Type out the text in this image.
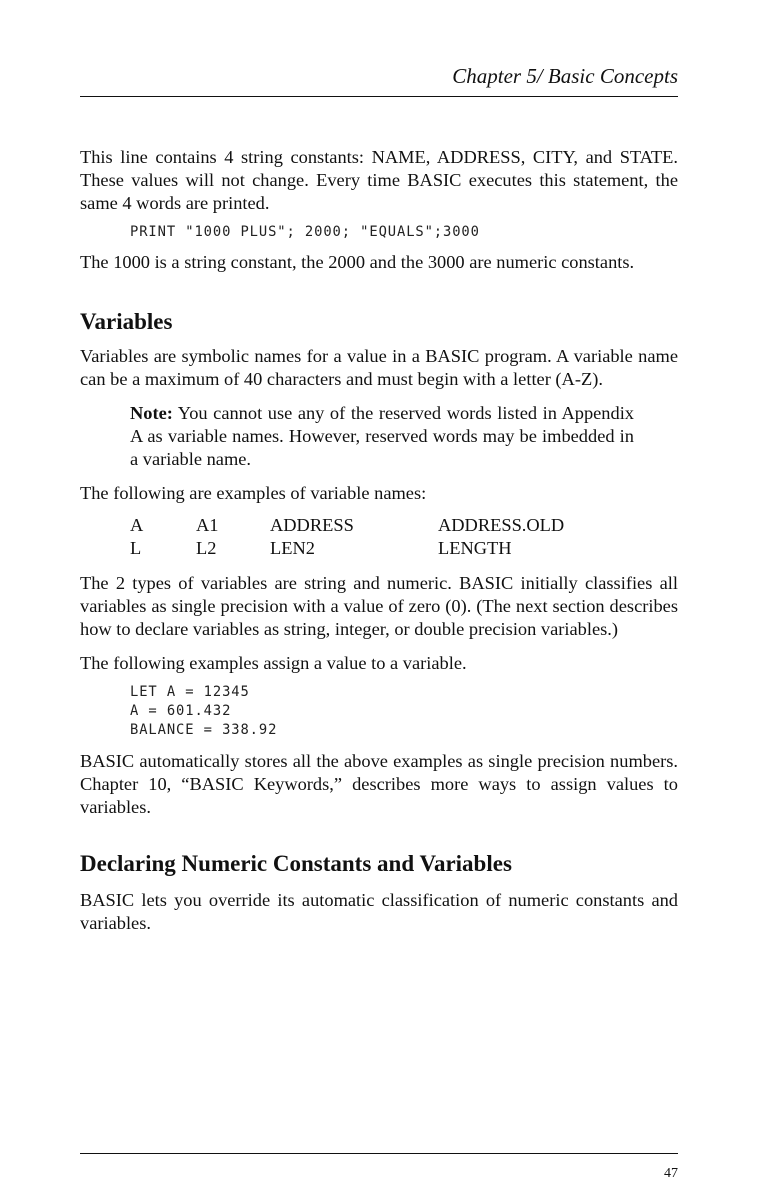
Chapter 5/ Basic Concepts

This line contains 4 string constants: NAME, ADDRESS, CITY, and STATE. These values will not change. Every time BASIC executes this statement, the same 4 words are printed.

PRINT "1000 PLUS"; 2000; "EQUALS";3000

The 1000 is a string constant, the 2000 and the 3000 are numeric constants.

Variables

Variables are symbolic names for a value in a BASIC program. A variable name can be a maximum of 40 characters and must begin with a letter (A-Z).

Note: You cannot use any of the reserved words listed in Appendix A as variable names. However, reserved words may be imbedded in a variable name.

The following are examples of variable names:

A	A1	ADDRESS	ADDRESS.OLD
L	L2	LEN2	LENGTH

The 2 types of variables are string and numeric. BASIC initially classifies all variables as single precision with a value of zero (0). (The next section describes how to declare variables as string, integer, or double precision variables.)

The following examples assign a value to a variable.

LET A = 12345
A = 601.432
BALANCE = 338.92

BASIC automatically stores all the above examples as single precision numbers. Chapter 10, “BASIC Keywords,” describes more ways to assign values to variables.

Declaring Numeric Constants and Variables

BASIC lets you override its automatic classification of numeric constants and variables.

47
